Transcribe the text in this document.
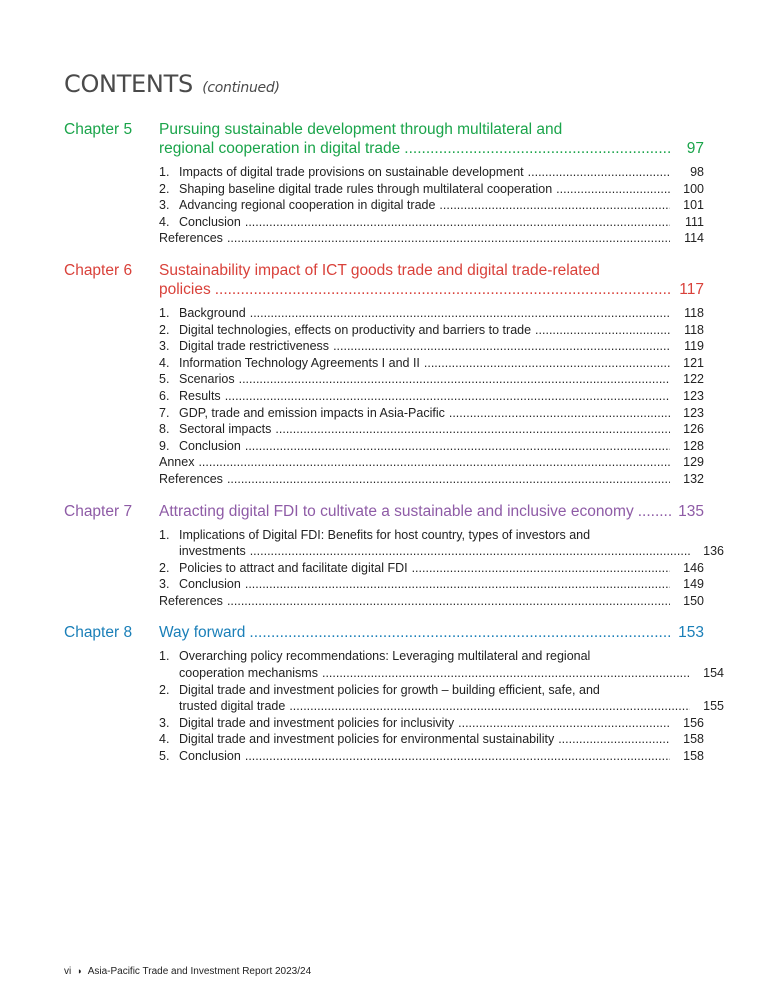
CONTENTS (continued)
Chapter 5 Pursuing sustainable development through multilateral and
regional cooperation in digital trade .....	97
1. Impacts of digital trade provisions on sustainable development .....	98
2. Shaping baseline digital trade rules through multilateral cooperation .....	100
3. Advancing regional cooperation in digital trade .....	101
4. Conclusion .....	111
References .....	114
Chapter 6 Sustainability impact of ICT goods trade and digital trade-related
policies .....	117
1. Background .....	118
2. Digital technologies, effects on productivity and barriers to trade .....	118
3. Digital trade restrictiveness .....	119
4. Information Technology Agreements I and II .....	121
5. Scenarios .....	122
6. Results .....	123
7. GDP, trade and emission impacts in Asia-Pacific .....	123
8. Sectoral impacts .....	126
9. Conclusion .....	128
Annex .....	129
References .....	132
Chapter 7 Attracting digital FDI to cultivate a sustainable and inclusive economy .....	135
1. Implications of Digital FDI: Benefits for host country, types of investors and
investments .....	136
2. Policies to attract and facilitate digital FDI .....	146
3. Conclusion .....	149
References .....	150
Chapter 8 Way forward .....	153
1. Overarching policy recommendations: Leveraging multilateral and regional
cooperation mechanisms .....	154
2. Digital trade and investment policies for growth – building efficient, safe, and
trusted digital trade .....	155
3. Digital trade and investment policies for inclusivity .....	156
4. Digital trade and investment policies for environmental sustainability .....	158
5. Conclusion .....	158
vi ◗ Asia-Pacific Trade and Investment Report 2023/24
